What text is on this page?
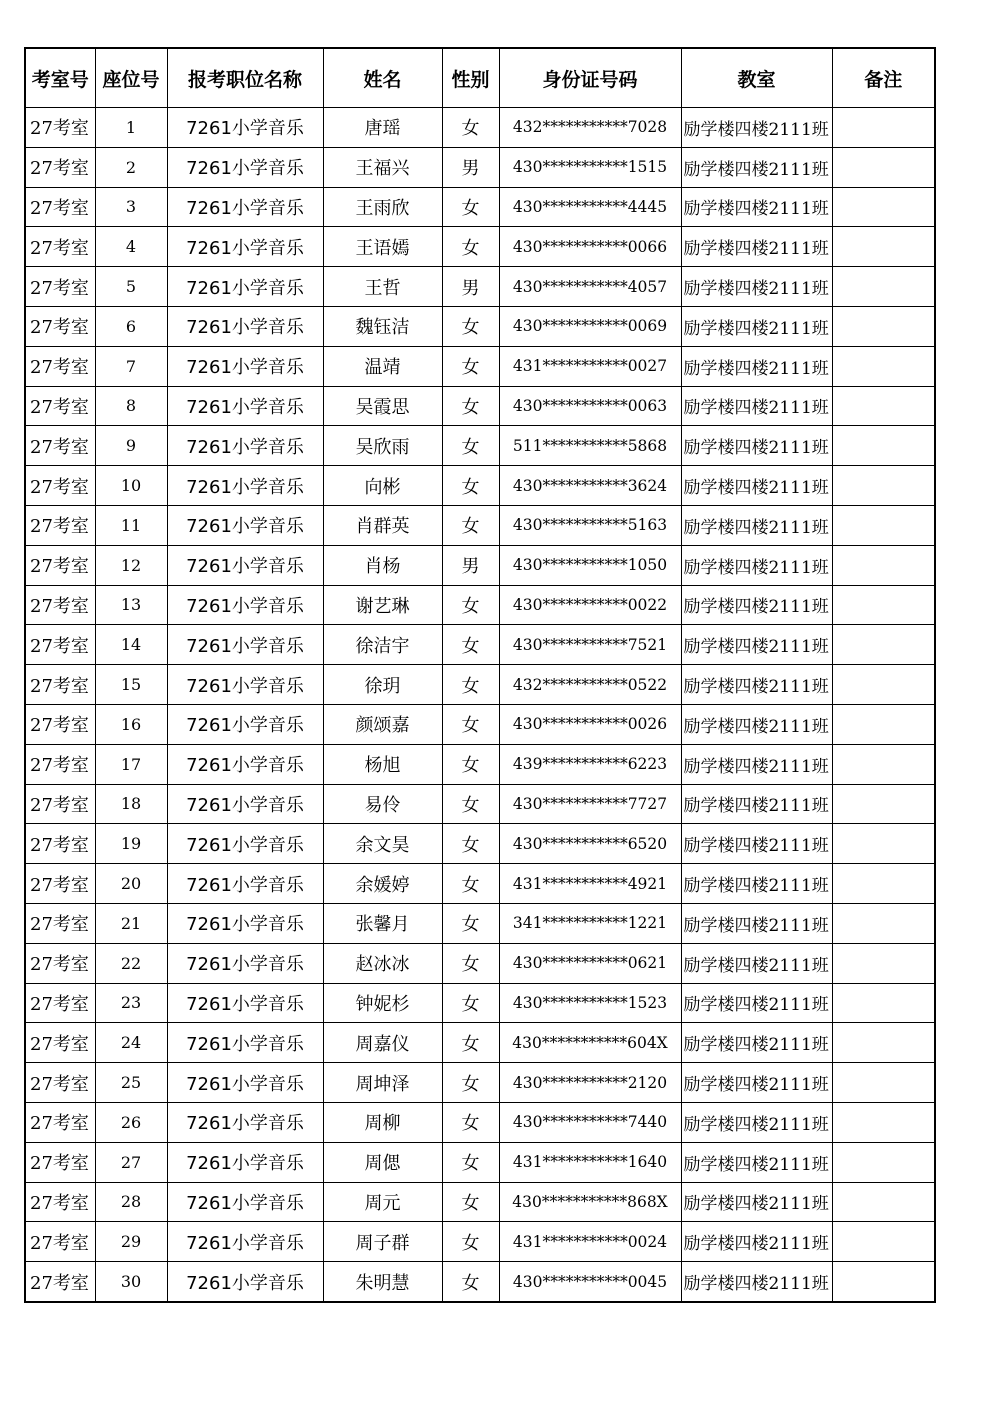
考室号	座位号	报考职位名称	姓名	性别	身份证号码	教室	备注
27考室	1	7261小学音乐	唐瑶	女	432***********7028	励学楼四楼2111班	
27考室	2	7261小学音乐	王福兴	男	430***********1515	励学楼四楼2111班	
27考室	3	7261小学音乐	王雨欣	女	430***********4445	励学楼四楼2111班	
27考室	4	7261小学音乐	王语嫣	女	430***********0066	励学楼四楼2111班	
27考室	5	7261小学音乐	王哲	男	430***********4057	励学楼四楼2111班	
27考室	6	7261小学音乐	魏钰洁	女	430***********0069	励学楼四楼2111班	
27考室	7	7261小学音乐	温靖	女	431***********0027	励学楼四楼2111班	
27考室	8	7261小学音乐	吴霞思	女	430***********0063	励学楼四楼2111班	
27考室	9	7261小学音乐	吴欣雨	女	511***********5868	励学楼四楼2111班	
27考室	10	7261小学音乐	向彬	女	430***********3624	励学楼四楼2111班	
27考室	11	7261小学音乐	肖群英	女	430***********5163	励学楼四楼2111班	
27考室	12	7261小学音乐	肖杨	男	430***********1050	励学楼四楼2111班	
27考室	13	7261小学音乐	谢艺琳	女	430***********0022	励学楼四楼2111班	
27考室	14	7261小学音乐	徐洁宇	女	430***********7521	励学楼四楼2111班	
27考室	15	7261小学音乐	徐玥	女	432***********0522	励学楼四楼2111班	
27考室	16	7261小学音乐	颜颂嘉	女	430***********0026	励学楼四楼2111班	
27考室	17	7261小学音乐	杨旭	女	439***********6223	励学楼四楼2111班	
27考室	18	7261小学音乐	易伶	女	430***********7727	励学楼四楼2111班	
27考室	19	7261小学音乐	余文昊	女	430***********6520	励学楼四楼2111班	
27考室	20	7261小学音乐	余媛婷	女	431***********4921	励学楼四楼2111班	
27考室	21	7261小学音乐	张馨月	女	341***********1221	励学楼四楼2111班	
27考室	22	7261小学音乐	赵冰冰	女	430***********0621	励学楼四楼2111班	
27考室	23	7261小学音乐	钟妮杉	女	430***********1523	励学楼四楼2111班	
27考室	24	7261小学音乐	周嘉仪	女	430***********604X	励学楼四楼2111班	
27考室	25	7261小学音乐	周坤泽	女	430***********2120	励学楼四楼2111班	
27考室	26	7261小学音乐	周柳	女	430***********7440	励学楼四楼2111班	
27考室	27	7261小学音乐	周偲	女	431***********1640	励学楼四楼2111班	
27考室	28	7261小学音乐	周元	女	430***********868X	励学楼四楼2111班	
27考室	29	7261小学音乐	周子群	女	431***********0024	励学楼四楼2111班	
27考室	30	7261小学音乐	朱明慧	女	430***********0045	励学楼四楼2111班	
